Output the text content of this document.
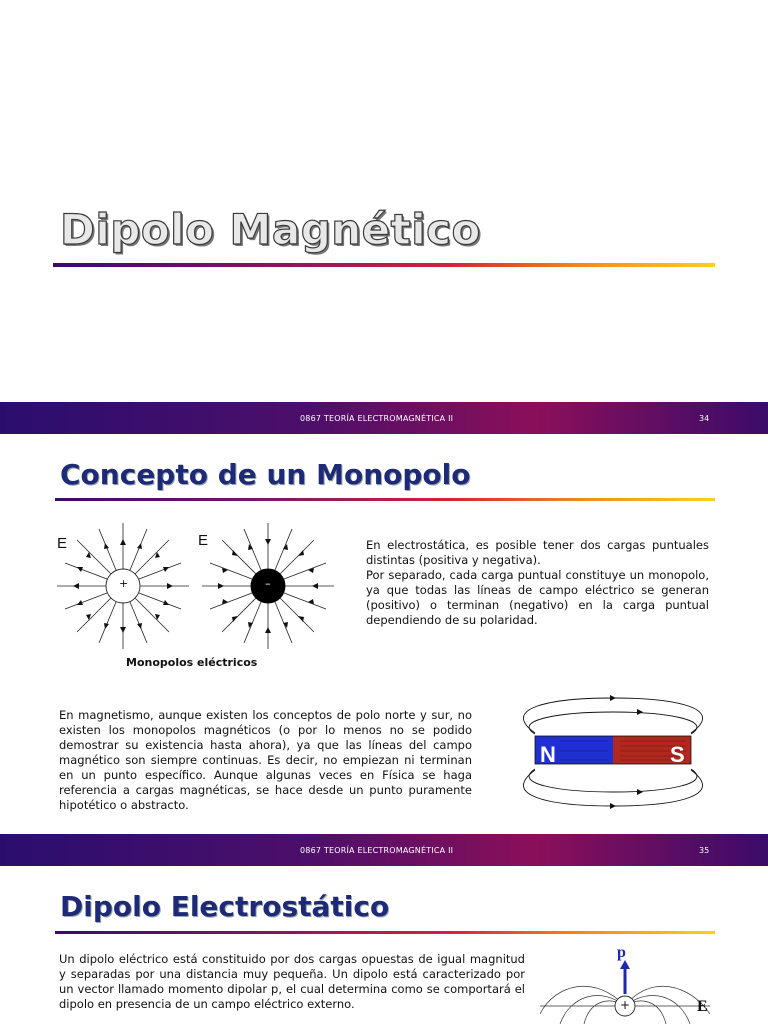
Dipolo Magnético
0867 TEORÍA ELECTROMAGNÉTICA II	34
Concepto de un Monopolo
E	E
+	–
Monopolos eléctricos
En electrostática, es posible tener dos cargas puntuales distintas (positiva y negativa).
Por separado, cada carga puntual constituye un monopolo, ya que todas las líneas de campo eléctrico se generan (positivo) o terminan (negativo) en la carga puntual dependiendo de su polaridad.
En magnetismo, aunque existen los conceptos de polo norte y sur, no existen los monopolos magnéticos (o por lo menos no se podido demostrar su existencia hasta ahora), ya que las líneas del campo magnético son siempre continuas. Es decir, no empiezan ni terminan en un punto específico. Aunque algunas veces en Física se haga referencia a cargas magnéticas, se hace desde un punto puramente hipotético o abstracto.
N	S
0867 TEORÍA ELECTROMAGNÉTICA II	35
Dipolo Electrostático
Un dipolo eléctrico está constituido por dos cargas opuestas de igual magnitud y separadas por una distancia muy pequeña. Un dipolo está caracterizado por un vector llamado momento dipolar p, el cual determina como se comportará el dipolo en presencia de un campo eléctrico externo.	+
p
E
